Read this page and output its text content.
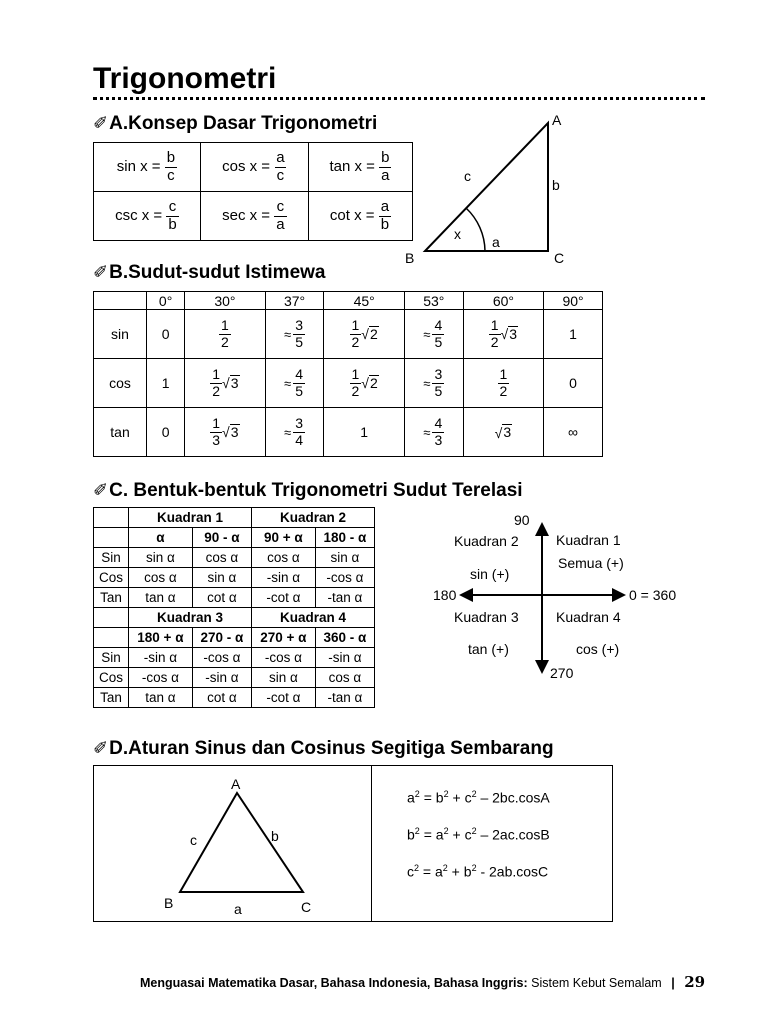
Trigonometri
✐A.Konsep Dasar Trigonometri
$\sin x = \frac{b}{c}$	$\cos x = \frac{a}{c}$	$\tan x = \frac{b}{a}$

$\csc x = \frac{c}{b}$	$\sec x = \frac{c}{a}$	$\cot x = \frac{a}{b}$
A
B	C
b
c
a
x
✐B.Sudut-sudut Istimewa
	0°	30°	37°	45°	53°	60°	90°
sin	0	$\frac{1}{2}$	≈ $\frac{3}{5}$	$\frac{1}{2}$ √ 2	≈ $\frac{4}{5}$	$\frac{1}{2}$ √ 3	1
cos	1	$\frac{1}{2}$ √ 3	≈ $\frac{4}{5}$	$\frac{1}{2}$ √ 2	≈ $\frac{3}{5}$	$\frac{1}{2}$	0
tan	0	$\frac{1}{3}$ √ 3	≈ $\frac{3}{4}$	1	≈ $\frac{4}{3}$	√ 3	∞
✐C. Bentuk-bentuk Trigonometri Sudut Terelasi
	Kuadran 1		Kuadran 2	
	α	90 - α	90 + α	180 - α
Sin	sin α	cos α	cos α	sin α
Cos	cos α	sin α	-sin α	-cos α
Tan	tan α	cot α	-cot α	-tan α
	Kuadran 3		Kuadran 4	
	180 + α	270 - α	270 + α	360 - α
Sin	-sin α	-cos α	-cos α	-sin α
Cos	-cos α	-sin α	sin α	cos α
Tan	tan α	cot α	-cot α	-tan α
90
270
180	0 = 360
Kuadran 2
sin (+)
Kuadran 1
Semua (+)
Kuadran 3
tan (+)
Kuadran 4
cos (+)
✐D.Aturan Sinus dan Cosinus Segitiga Sembarang
A
B	C
c	b
a
$a^2 = b^2 + c^2 - 2bc.\cos A$
$b^2 = a^2 + c^2 - 2ac.\cos B$
$c^2 = a^2 + b^2 - 2ab.\cos C$
Menguasai Matematika Dasar, Bahasa Indonesia, Bahasa Inggris: Sistem Kebut Semalam | 29
